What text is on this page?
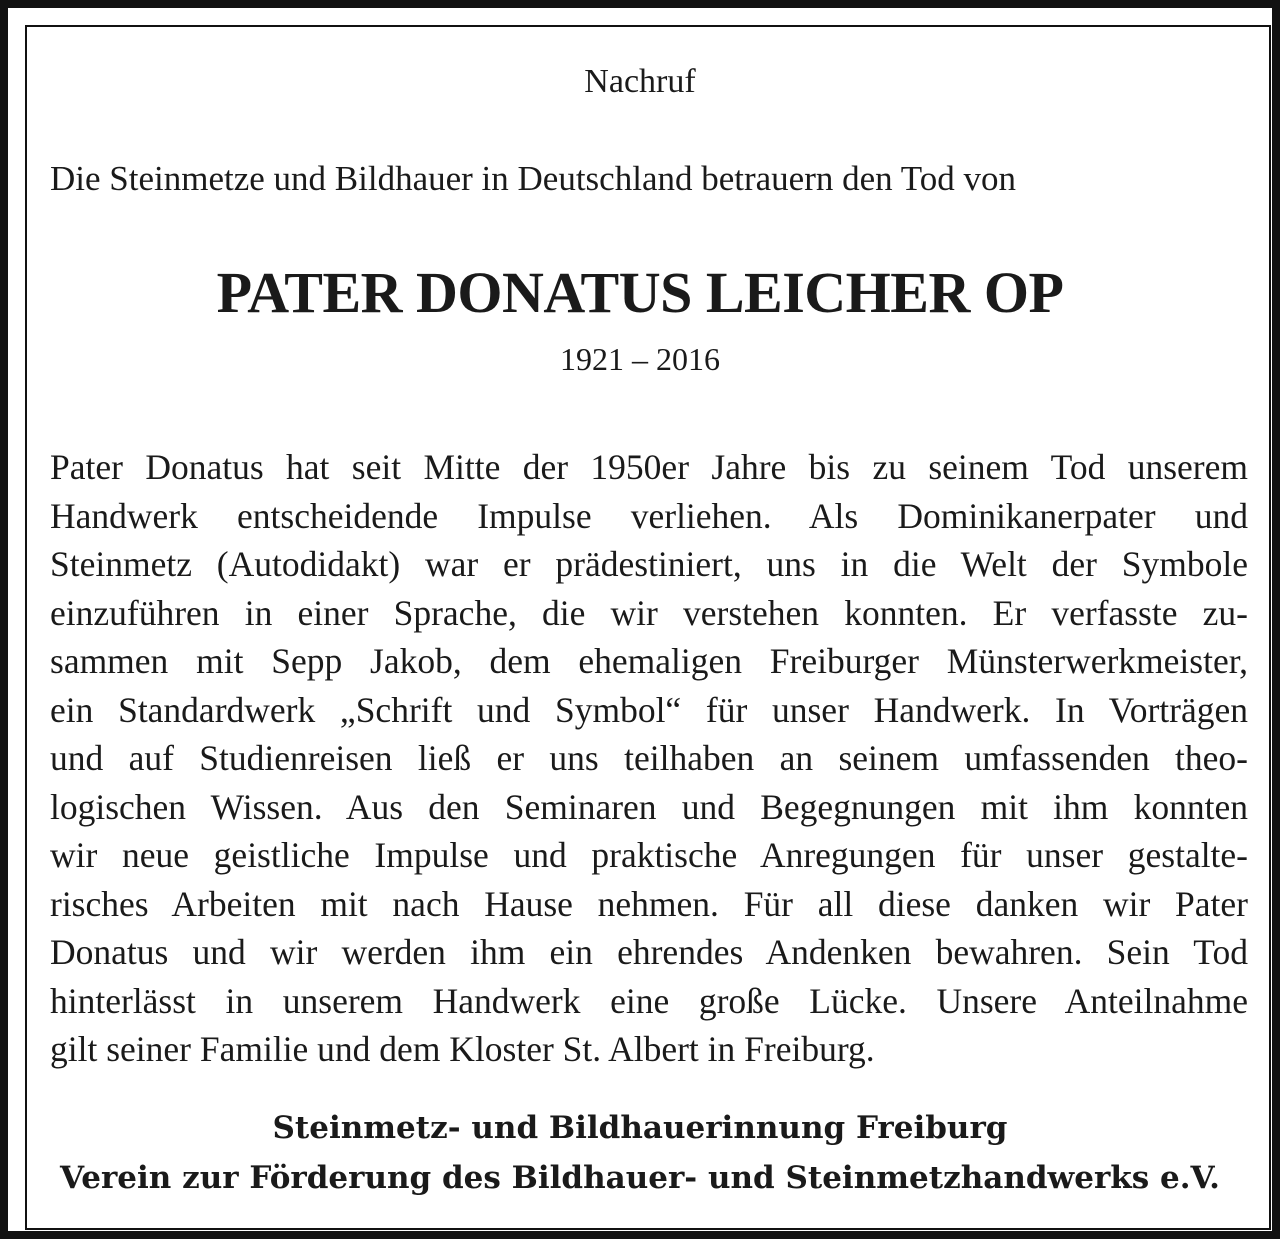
Nachruf
Die Steinmetze und Bildhauer in Deutschland betrauern den Tod von
PATER DONATUS LEICHER OP
1921 – 2016
Pater Donatus hat seit Mitte der 1950er Jahre bis zu seinem Tod unserem
Handwerk entscheidende Impulse verliehen. Als Dominikanerpater und
Steinmetz (Autodidakt) war er prädestiniert, uns in die Welt der Symbole
einzuführen in einer Sprache, die wir verstehen konnten. Er verfasste zu-
sammen mit Sepp Jakob, dem ehemaligen Freiburger Münsterwerkmeister,
ein Standardwerk „Schrift und Symbol“ für unser Handwerk. In Vorträgen
und auf Studienreisen ließ er uns teilhaben an seinem umfassenden theo-
logischen Wissen. Aus den Seminaren und Begegnungen mit ihm konnten
wir neue geistliche Impulse und praktische Anregungen für unser gestalte-
risches Arbeiten mit nach Hause nehmen. Für all diese danken wir Pater
Donatus und wir werden ihm ein ehrendes Andenken bewahren. Sein Tod
hinterlässt in unserem Handwerk eine große Lücke. Unsere Anteilnahme
gilt seiner Familie und dem Kloster St. Albert in Freiburg.
Steinmetz- und Bildhauerinnung Freiburg
Verein zur Förderung des Bildhauer- und Steinmetzhandwerks e.V.
